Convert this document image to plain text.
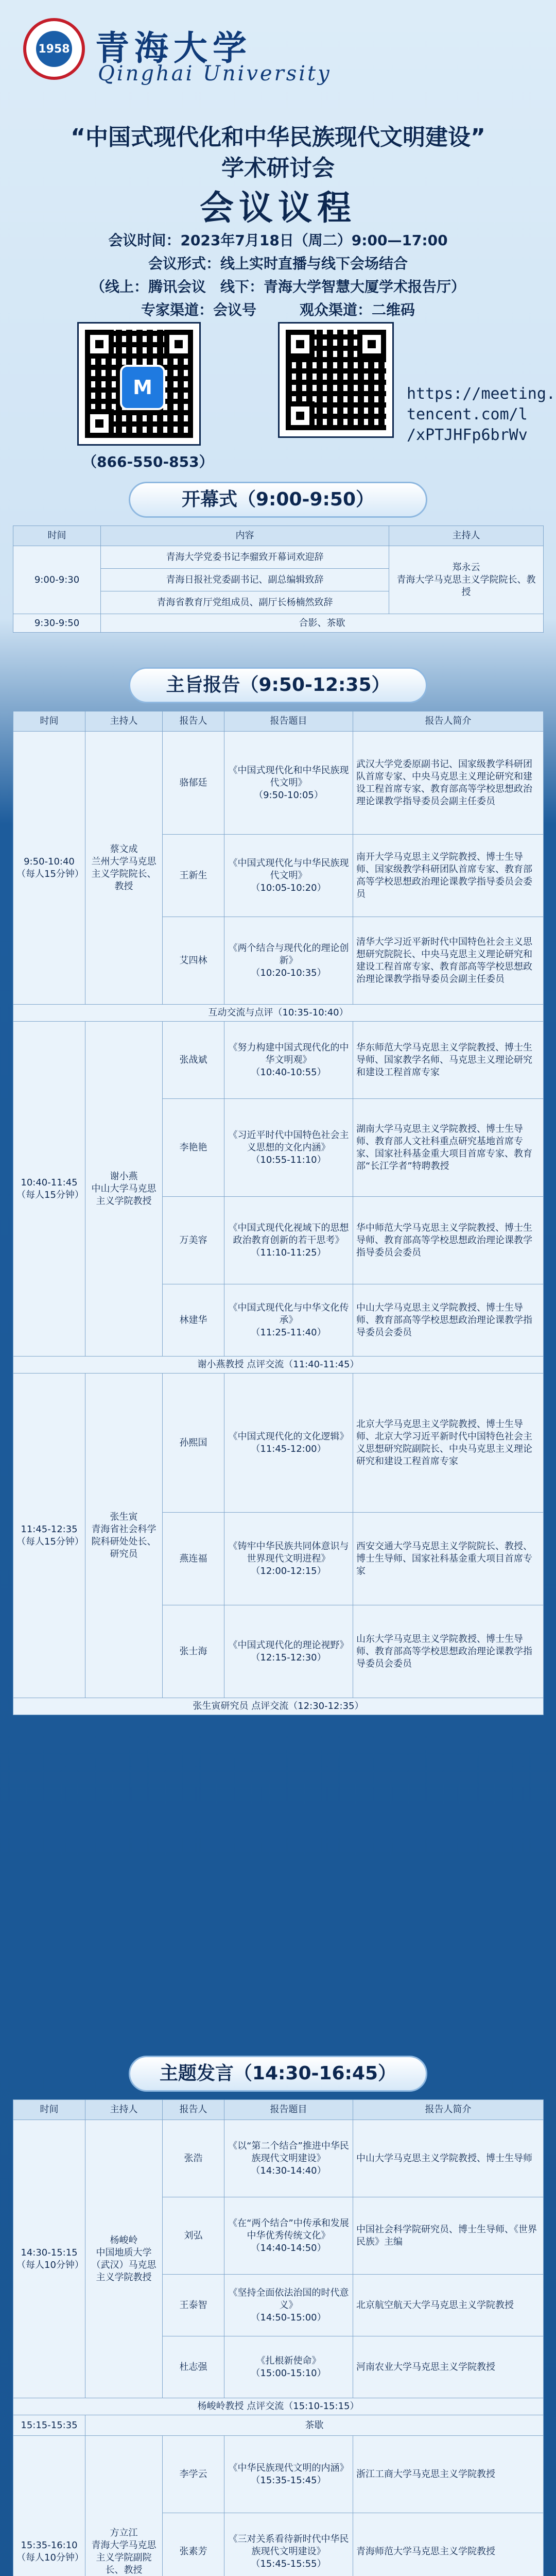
1958 青海大学
Qinghai University
“中国式现代化和中华民族现代文明建设”
学术研讨会
会议议程
会议时间：2023年7月18日（周二）9:00—17:00
会议形式：线上实时直播与线下会场结合
（线上：腾讯会议　线下：青海大学智慧大厦学术报告厅）
专家渠道：会议号　　　观众渠道：二维码
M
（866-550-853）
https://meeting.
tencent.com/l
/xPTJHFp6brWv
开幕式（9:00-9:50）
时间	内容	主持人
9:00-9:30	青海大学党委书记李骝致开幕词欢迎辞	郑永云
青海大学马克思主义学院院长、教授
	青海日报社党委副书记、副总编辑致辞	
	青海省教育厅党组成员、副厅长杨楠然致辞	
9:30-9:50	合影、茶歇	
主旨报告（9:50-12:35）
时间	主持人	报告人	报告题目	报告人简介
9:50-10:40
（每人15分钟）	蔡文成
兰州大学马克思主义学院院长、教授	骆郁廷	《中国式现代化和中华民族现代文明》
（9:50-10:05）	武汉大学党委原副书记、国家级教学科研团队首席专家、中央马克思主义理论研究和建设工程首席专家、教育部高等学校思想政治理论课教学指导委员会副主任委员
		王新生	《中国式现代化与中华民族现代文明》
（10:05-10:20）	南开大学马克思主义学院教授、博士生导师、国家级教学科研团队首席专家、教育部高等学校思想政治理论课教学指导委员会委员
		艾四林	《两个结合与现代化的理论创新》
（10:20-10:35）	清华大学习近平新时代中国特色社会主义思想研究院院长、中央马克思主义理论研究和建设工程首席专家、教育部高等学校思想政治理论课教学指导委员会副主任委员
互动交流与点评（10:35-10:40）				
10:40-11:45
（每人15分钟）	谢小燕
中山大学马克思主义学院教授	张战斌	《努力构建中国式现代化的中华文明观》
（10:40-10:55）	华东师范大学马克思主义学院教授、博士生导师、国家教学名师、马克思主义理论研究和建设工程首席专家
		李艳艳	《习近平时代中国特色社会主义思想的文化内涵》
（10:55-11:10）	湖南大学马克思主义学院教授、博士生导师、教育部人文社科重点研究基地首席专家、国家社科基金重大项目首席专家、教育部“长江学者”特聘教授
		万美容	《中国式现代化视域下的思想政治教育创新的若干思考》
（11:10-11:25）	华中师范大学马克思主义学院教授、博士生导师、教育部高等学校思想政治理论课教学指导委员会委员
		林建华	《中国式现代化与中华文化传承》
（11:25-11:40）	中山大学马克思主义学院教授、博士生导师、教育部高等学校思想政治理论课教学指导委员会委员
谢小燕教授 点评交流（11:40-11:45）				
11:45-12:35
（每人15分钟）	张生寅
青海省社会科学院科研处处长、研究员	孙熙国	《中国式现代化的文化逻辑》
（11:45-12:00）	北京大学马克思主义学院教授、博士生导师、北京大学习近平新时代中国特色社会主义思想研究院副院长、中央马克思主义理论研究和建设工程首席专家
		燕连福	《铸牢中华民族共同体意识与世界现代文明进程》
（12:00-12:15）	西安交通大学马克思主义学院院长、教授、博士生导师、国家社科基金重大项目首席专家
		张士海	《中国式现代化的理论视野》
（12:15-12:30）	山东大学马克思主义学院教授、博士生导师、教育部高等学校思想政治理论课教学指导委员会委员
张生寅研究员 点评交流（12:30-12:35）				
主题发言（14:30-16:45）
时间	主持人	报告人	报告题目	报告人简介
14:30-15:15
（每人10分钟）	杨峻岭
中国地质大学（武汉）马克思主义学院教授	张浩	《以“第二个结合”推进中华民族现代文明建设》
（14:30-14:40）	中山大学马克思主义学院教授、博士生导师
		刘弘	《在“两个结合”中传承和发展中华优秀传统文化》
（14:40-14:50）	中国社会科学院研究员、博士生导师、《世界民族》主编
		王泰智	《坚持全面依法治国的时代意义》
（14:50-15:00）	北京航空航天大学马克思主义学院教授
		杜志强	《扎根新使命》
（15:00-15:10）	河南农业大学马克思主义学院教授
杨峻岭教授 点评交流（15:10-15:15）				
15:15-15:35	茶歇			
15:35-16:10
（每人10分钟）	方立江
青海大学马克思主义学院副院长、教授	李学云	《中华民族现代文明的内涵》
（15:35-15:45）	浙江工商大学马克思主义学院教授
		张素芳	《三对关系看待新时代中华民族现代文明建设》
（15:45-15:55）	青海师范大学马克思主义学院教授
